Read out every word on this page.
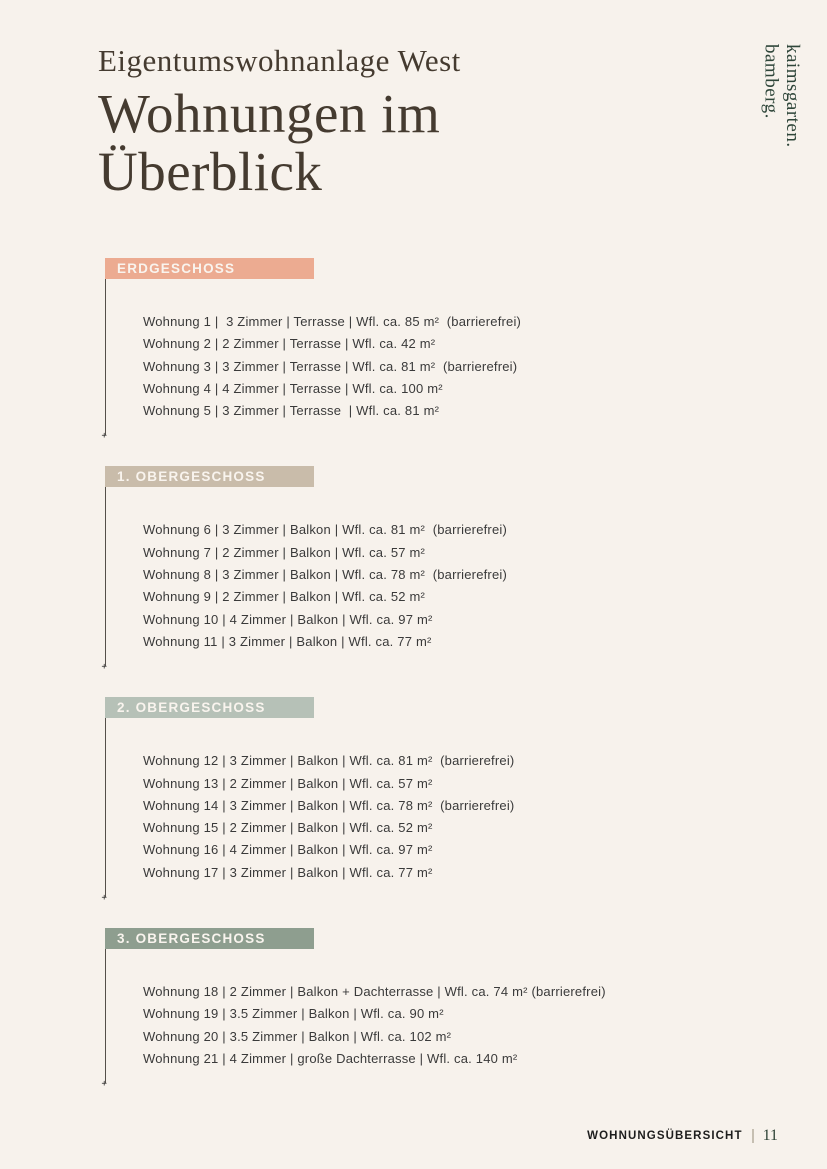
Eigentumswohnanlage West
Wohnungen im
Überblick
kaimsgarten.
bamberg.
ERDGESCHOSS
+
Wohnung 1 |  3 Zimmer | Terrasse | Wfl. ca. 85 m²  (barrierefrei)
Wohnung 2 | 2 Zimmer | Terrasse | Wfl. ca. 42 m²
Wohnung 3 | 3 Zimmer | Terrasse | Wfl. ca. 81 m²  (barrierefrei)
Wohnung 4 | 4 Zimmer | Terrasse | Wfl. ca. 100 m²
Wohnung 5 | 3 Zimmer | Terrasse  | Wfl. ca. 81 m²
1. OBERGESCHOSS
+
Wohnung 6 | 3 Zimmer | Balkon | Wfl. ca. 81 m²  (barrierefrei)
Wohnung 7 | 2 Zimmer | Balkon | Wfl. ca. 57 m²
Wohnung 8 | 3 Zimmer | Balkon | Wfl. ca. 78 m²  (barrierefrei)
Wohnung 9 | 2 Zimmer | Balkon | Wfl. ca. 52 m²
Wohnung 10 | 4 Zimmer | Balkon | Wfl. ca. 97 m²
Wohnung 11 | 3 Zimmer | Balkon | Wfl. ca. 77 m²
2. OBERGESCHOSS
+
Wohnung 12 | 3 Zimmer | Balkon | Wfl. ca. 81 m²  (barrierefrei)
Wohnung 13 | 2 Zimmer | Balkon | Wfl. ca. 57 m²
Wohnung 14 | 3 Zimmer | Balkon | Wfl. ca. 78 m²  (barrierefrei)
Wohnung 15 | 2 Zimmer | Balkon | Wfl. ca. 52 m²
Wohnung 16 | 4 Zimmer | Balkon | Wfl. ca. 97 m²
Wohnung 17 | 3 Zimmer | Balkon | Wfl. ca. 77 m²
3. OBERGESCHOSS
+
Wohnung 18 | 2 Zimmer | Balkon + Dachterrasse | Wfl. ca. 74 m² (barrierefrei)
Wohnung 19 | 3.5 Zimmer | Balkon | Wfl. ca. 90 m²
Wohnung 20 | 3.5 Zimmer | Balkon | Wfl. ca. 102 m²
Wohnung 21 | 4 Zimmer | große Dachterrasse | Wfl. ca. 140 m²
WOHNUNGSÜBERSICHT 11
